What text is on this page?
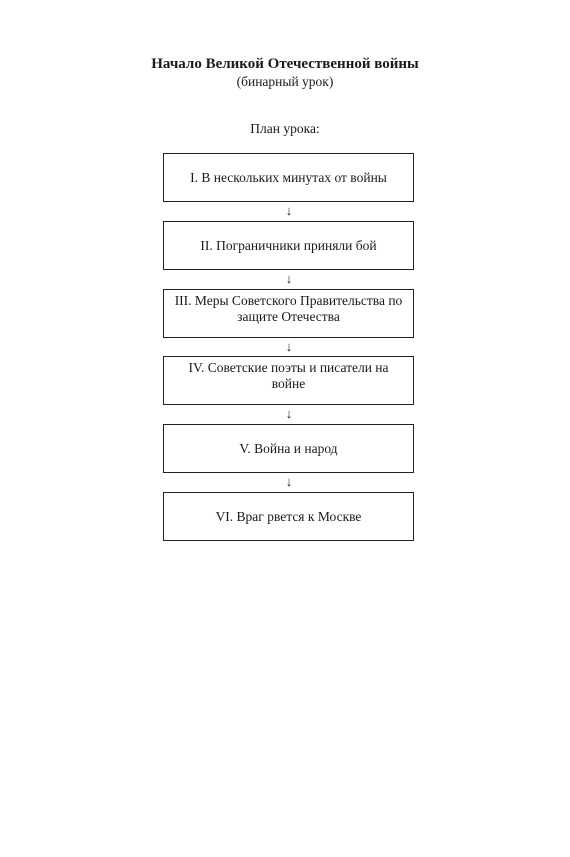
Начало Великой Отечественной войны
(бинарный урок)
План урока:
I. В нескольких минутах от войны
↓
II. Пограничники приняли бой
↓
III. Меры Советского Правительства по защите Отечества
↓
IV. Советские поэты и писатели на войне
↓
V. Война и народ
↓
VI. Враг рвется к Москве
